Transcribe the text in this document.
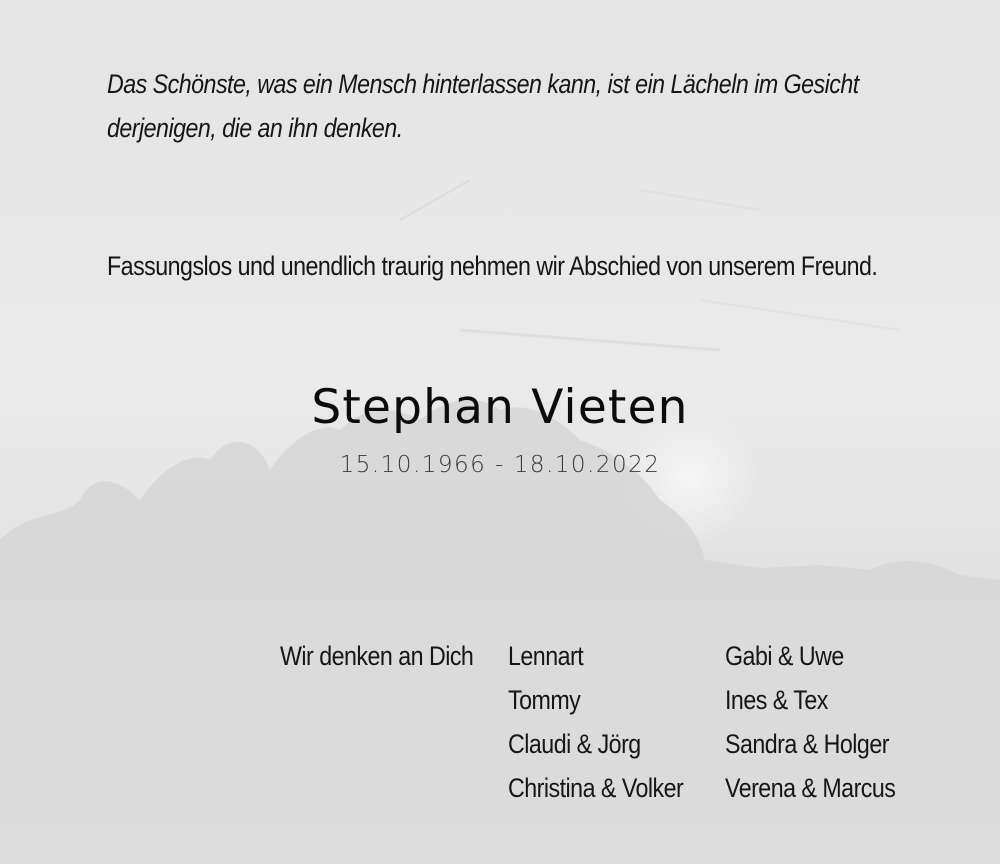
Das Schönste, was ein Mensch hinterlassen kann, ist ein Lächeln im Gesicht
derjenigen, die an ihn denken.
Fassungslos und unendlich traurig nehmen wir Abschied von unserem Freund.
Stephan Vieten
15.10.1966 - 18.10.2022
Wir denken an Dich Lennart
Tommy
Claudi & Jörg
Christina & Volker
Gabi & Uwe
Ines & Tex
Sandra & Holger
Verena & Marcus
